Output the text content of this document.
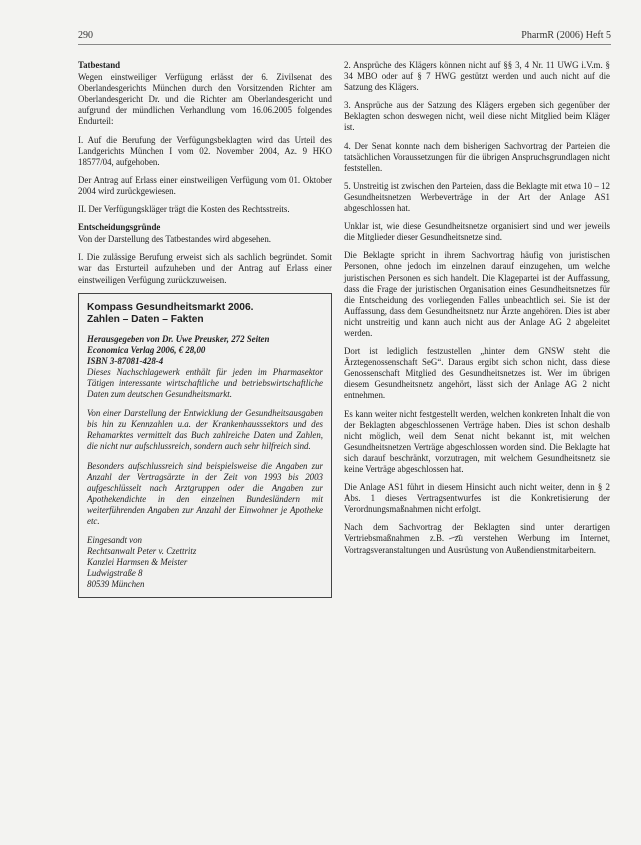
290	PharmR (2006) Heft 5
Tatbestand

Wegen einstweiliger Verfügung erlässt der 6. Zivilsenat des Oberlandesgerichts München durch den Vorsitzenden Richter am Oberlandesgericht Dr. und die Richter am Oberlandesgericht und aufgrund der mündlichen Verhandlung vom 16.06.2005 folgendes Endurteil:

I. Auf die Berufung der Verfügungsbeklagten wird das Urteil des Landgerichts München I vom 02. November 2004, Az. 9 HKO 18577/04, aufgehoben.

Der Antrag auf Erlass einer einstweiligen Verfügung vom 01. Oktober 2004 wird zurückgewiesen.

II. Der Verfügungskläger trägt die Kosten des Rechtsstreits.

Entscheidungsgründe

Von der Darstellung des Tatbestandes wird abgesehen.

I. Die zulässige Berufung erweist sich als sachlich begründet. Somit war das Ersturteil aufzuheben und der Antrag auf Erlass einer einstweiligen Verfügung zurückzuweisen.

Kompass Gesundheitsmarkt 2006.

Zahlen – Daten – Fakten

Herausgegeben von Dr. Uwe Preusker, 272 Seiten

Economica Verlag 2006, € 28,00

ISBN 3-87081-428-4

Dieses Nachschlagewerk enthält für jeden im Pharmasektor Tätigen interessante wirtschaftliche und betriebswirtschaftliche Daten zum deutschen Gesundheitsmarkt.

Von einer Darstellung der Entwicklung der Gesundheitsausgaben bis hin zu Kennzahlen u.a. der Krankenhausssektors und des Rehamarktes vermittelt das Buch zahlreiche Daten und Zahlen, die nicht nur aufschlussreich, sondern auch sehr hilfreich sind.

Besonders aufschlussreich sind beispielsweise die Angaben zur Anzahl der Vertragsärzte in der Zeit von 1993 bis 2003 aufgeschlüsselt nach Arztgruppen oder die Angaben zur Apothekendichte in den einzelnen Bundesländern mit weiterführenden Angaben zur Anzahl der Einwohner je Apotheke etc.

Eingesandt von

Rechtsanwalt Peter v. Czettritz

Kanzlei Harmsen & Meister

Ludwigstraße 8

80539 München

2. Ansprüche des Klägers können nicht auf §§ 3, 4 Nr. 11 UWG i.V.m. § 34 MBO oder auf § 7 HWG gestützt werden und auch nicht auf die Satzung des Klägers.

3. Ansprüche aus der Satzung des Klägers ergeben sich gegenüber der Beklagten schon deswegen nicht, weil diese nicht Mitglied beim Kläger ist.

4. Der Senat konnte nach dem bisherigen Sachvortrag der Parteien die tatsächlichen Voraussetzungen für die übrigen Anspruchsgrundlagen nicht feststellen.

5. Unstreitig ist zwischen den Parteien, dass die Beklagte mit etwa 10 – 12 Gesundheitsnetzen Werbeverträge in der Art der Anlage AS1 abgeschlossen hat.

Unklar ist, wie diese Gesundheitsnetze organisiert sind und wer jeweils die Mitglieder dieser Gesundheitsnetze sind.

Die Beklagte spricht in ihrem Sachvortrag häufig von juristischen Personen, ohne jedoch im einzelnen darauf einzugehen, um welche juristischen Personen es sich handelt. Die Klagepartei ist der Auffassung, dass die Frage der juristischen Organisation eines Gesundheitsnetzes für die Entscheidung des vorliegenden Falles unbeachtlich sei. Sie ist der Auffassung, dass dem Gesundheitsnetz nur Ärzte angehören. Dies ist aber nicht unstreitig und kann auch nicht aus der Anlage AG 2 abgeleitet werden.

Dort ist lediglich festzustellen „hinter dem GNSW steht die Ärztegenossenschaft SeG“. Daraus ergibt sich schon nicht, dass diese Genossenschaft Mitglied des Gesundheitsnetzes ist. Wer im übrigen diesem Gesundheitsnetz angehört, lässt sich der Anlage AG 2 nicht entnehmen.

Es kann weiter nicht festgestellt werden, welchen konkreten Inhalt die von der Beklagten abgeschlossenen Verträge haben. Dies ist schon deshalb nicht möglich, weil dem Senat nicht bekannt ist, mit welchen Gesundheitsnetzen Verträge abgeschlossen worden sind. Die Beklagte hat sich darauf beschränkt, vorzutragen, mit welchem Gesundheitsnetz sie keine Verträge abgeschlossen hat.

Die Anlage AS1 führt in diesem Hinsicht auch nicht weiter, denn in § 2 Abs. 1 dieses Vertragsentwurfes ist die Konkretisierung der Verordnungsmaßnahmen nicht erfolgt.

Nach dem Sachvortrag der Beklagten sind unter derartigen Vertriebsmaßnahmen z.B. zu verstehen Werbung im Internet, Vortragsveranstaltungen und Ausrüstung von Außendienstmitarbeitern.
